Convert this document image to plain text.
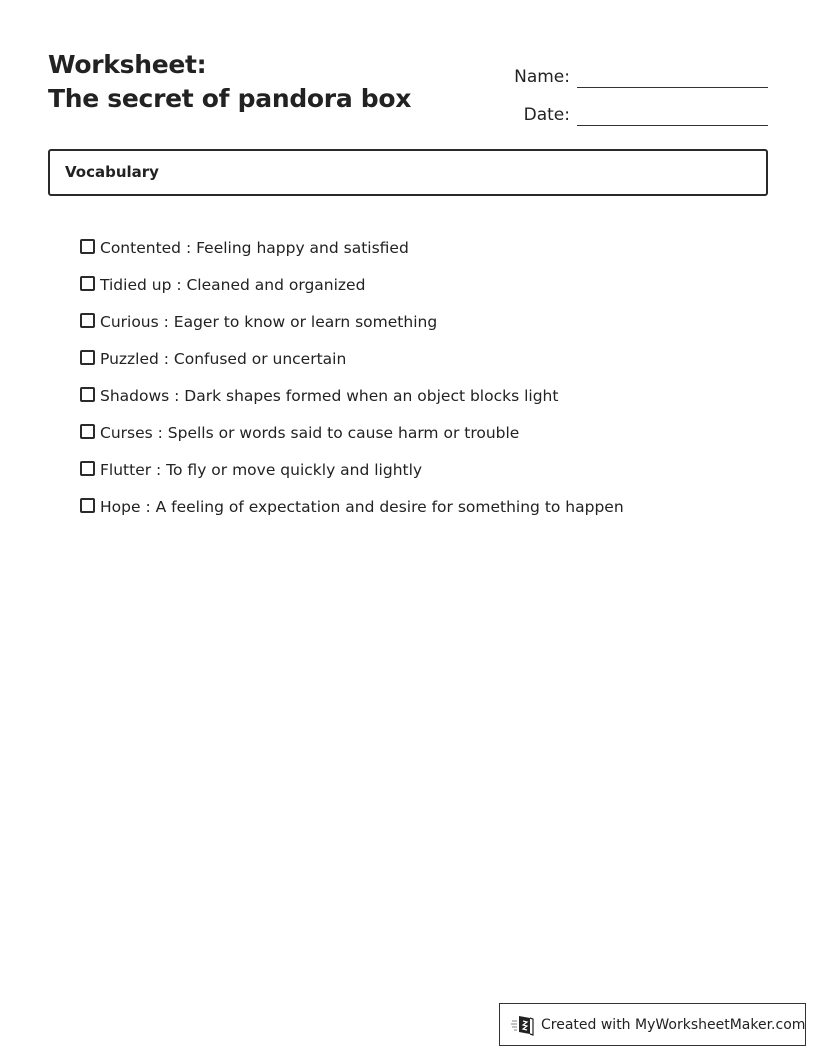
Worksheet:
The secret of pandora box
Name:
Date:
Vocabulary
Contented : Feeling happy and satisfied
Tidied up : Cleaned and organized
Curious : Eager to know or learn something
Puzzled : Confused or uncertain
Shadows : Dark shapes formed when an object blocks light
Curses : Spells or words said to cause harm or trouble
Flutter : To fly or move quickly and lightly
Hope : A feeling of expectation and desire for something to happen
Created with MyWorksheetMaker.com
